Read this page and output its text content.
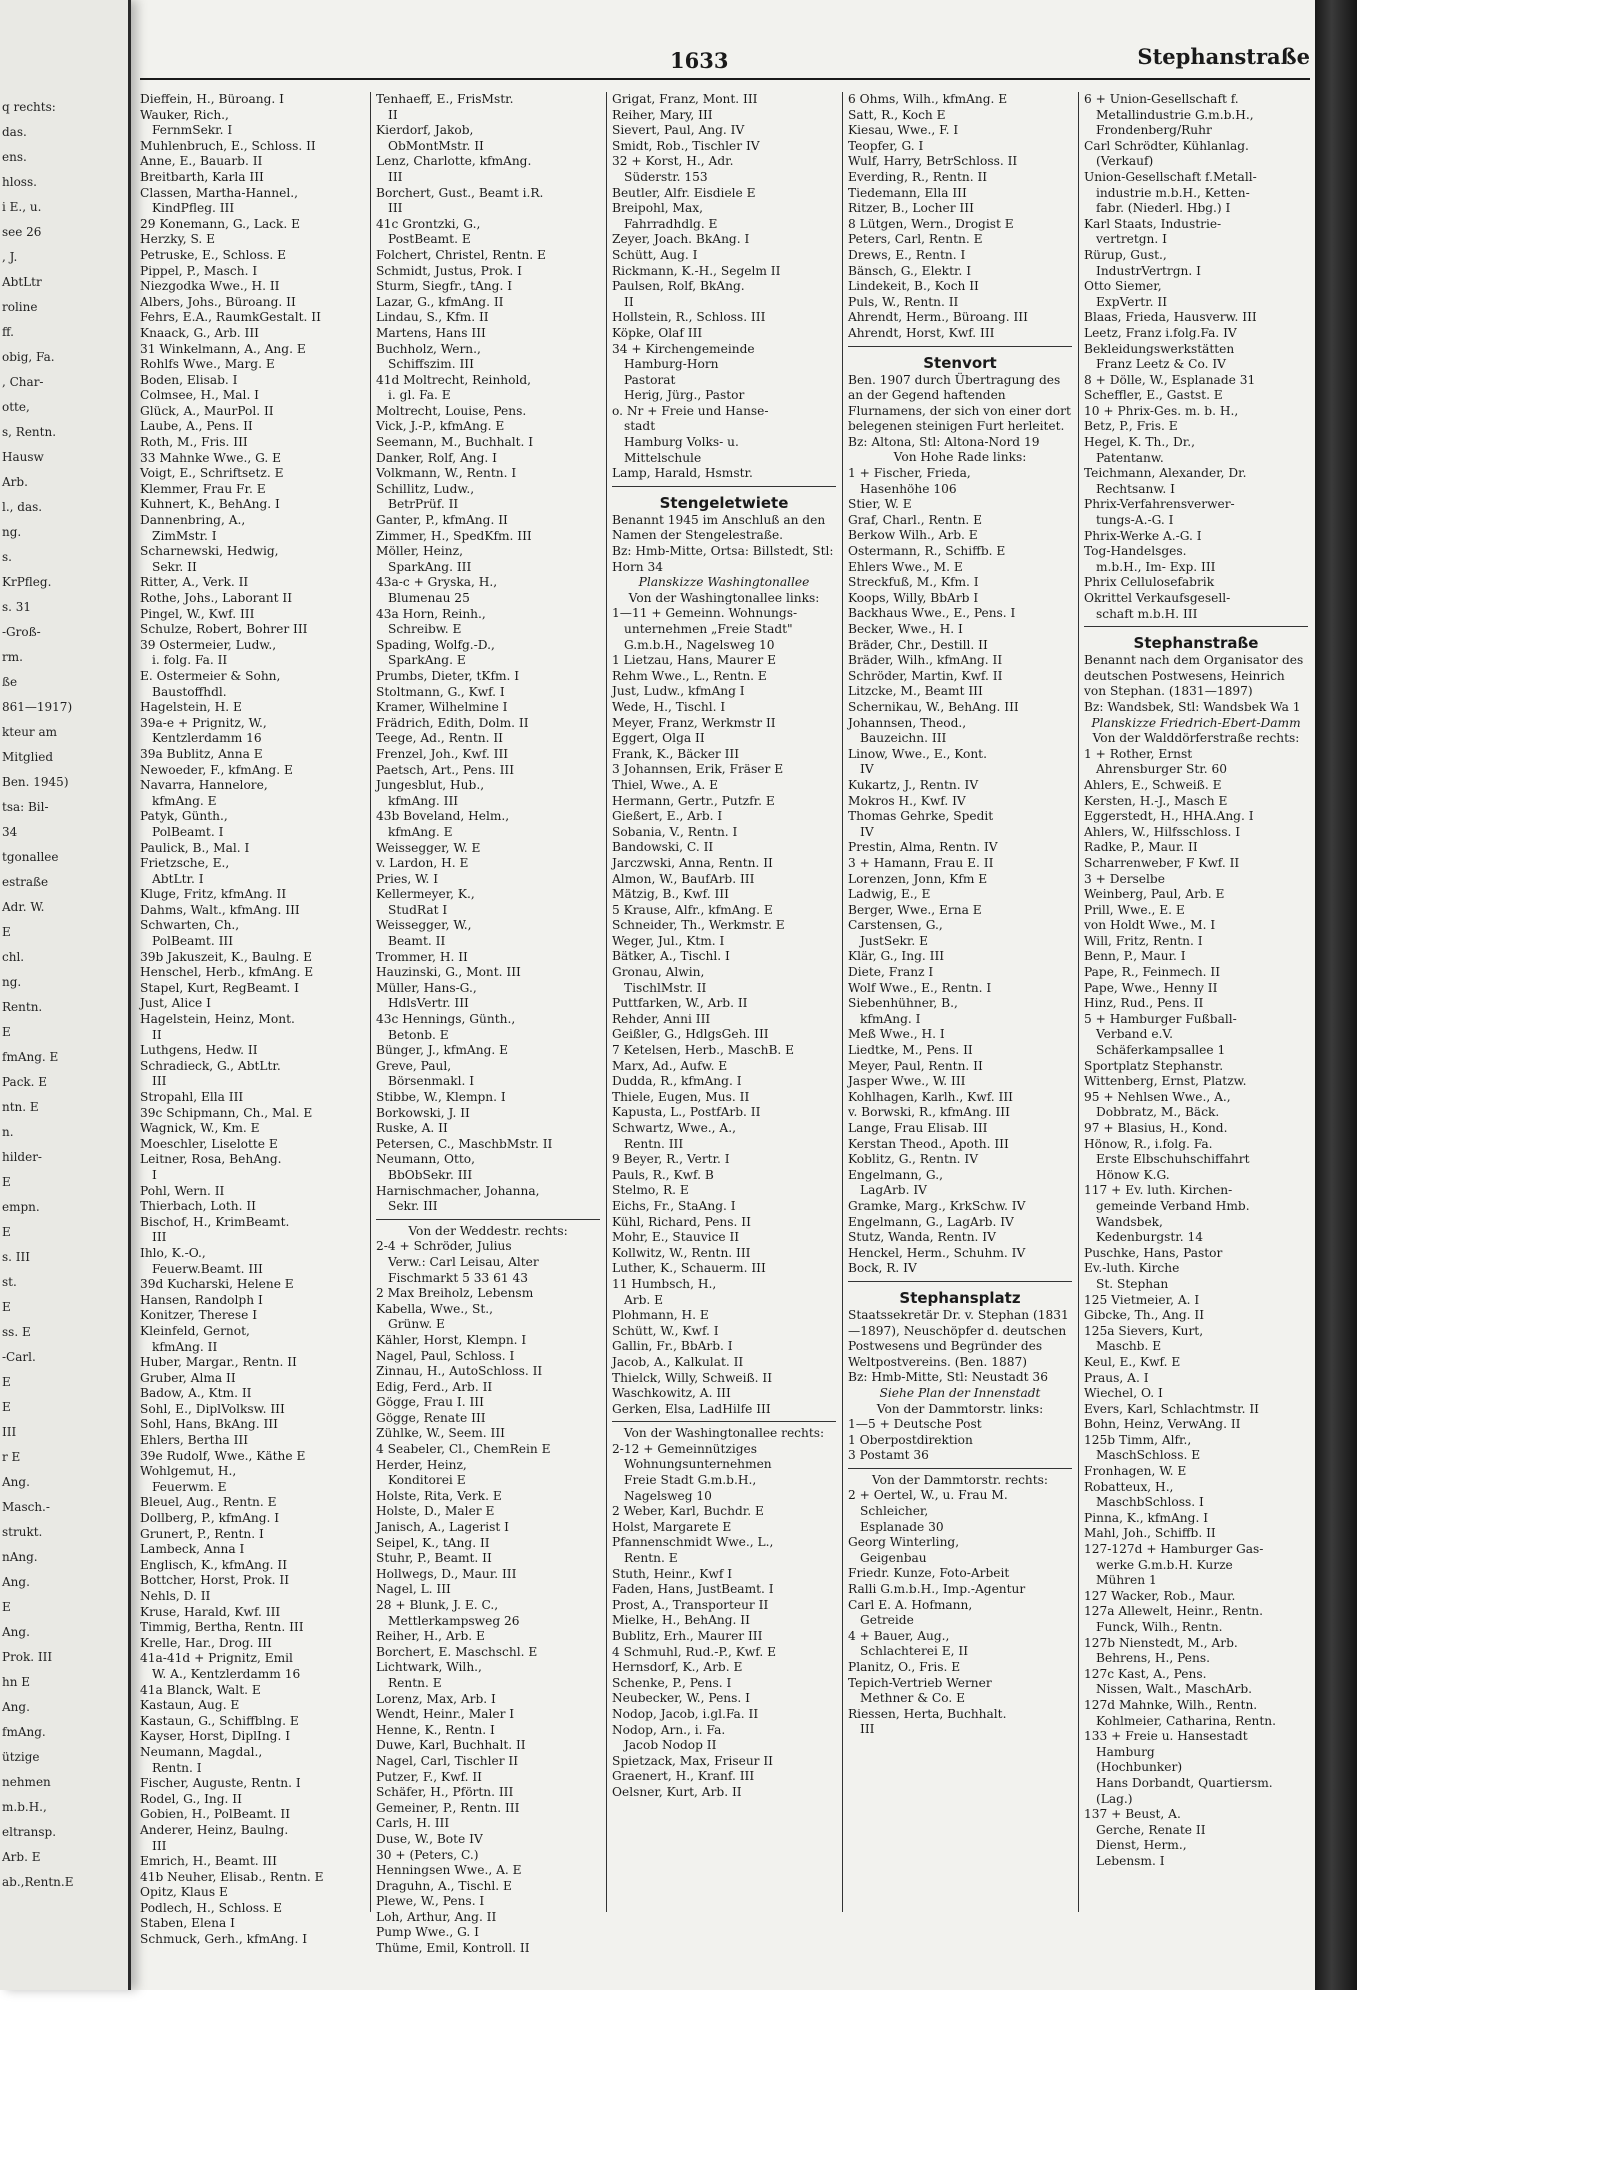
q rechts:
das.
ens.
hloss.
i E., u.
see 26
, J.
AbtLtr
roline
ff.
obig, Fa.
, Char-
otte,
s, Rentn.
Hausw
Arb.
l., das.
ng.
s.
KrPfleg.
s. 31
-Groß-
rm.
ße
861—1917)
kteur am
Mitglied
Ben. 1945)
tsa: Bil-
34
tgonallee
estraße
Adr. W.
E
chl.
ng.
Rentn.
E
fmAng. E
Pack. E
ntn. E
n.
hilder-
E
empn.
E
s. III
st.
E
ss. E
-Carl.
E
E
III
r E
Ang.
Masch.-
strukt.
nAng.
Ang.
E
Ang.
Prok. III
hn E
Ang.
fmAng.
ützige
nehmen
m.b.H.,
eltransp.
Arb. E
ab.,Rentn.E
1633	Stephanstraße
Dieffein, H., Büroang. I
Wauker, Rich.,
FernmSekr. I
Muhlenbruch, E., Schloss. II
Anne, E., Bauarb. II
Breitbarth, Karla III
Classen, Martha-Hannel.,
KindPfleg. III
29 Konemann, G., Lack. E
Herzky, S. E
Petruske, E., Schloss. E
Pippel, P., Masch. I
Niezgodka Wwe., H. II
Albers, Johs., Büroang. II
Fehrs, E.A., RaumkGestalt. II
Knaack, G., Arb. III
31 Winkelmann, A., Ang. E
Rohlfs Wwe., Marg. E
Boden, Elisab. I
Colmsee, H., Mal. I
Glück, A., MaurPol. II
Laube, A., Pens. II
Roth, M., Fris. III
33 Mahnke Wwe., G. E
Voigt, E., Schriftsetz. E
Klemmer, Frau Fr. E
Kuhnert, K., BehAng. I
Dannenbring, A.,
ZimMstr. I
Scharnewski, Hedwig,
Sekr. II
Ritter, A., Verk. II
Rothe, Johs., Laborant II
Pingel, W., Kwf. III
Schulze, Robert, Bohrer III
39 Ostermeier, Ludw.,
i. folg. Fa. II
E. Ostermeier & Sohn,
Baustoffhdl.
Hagelstein, H. E
39a-e + Prignitz, W.,
Kentzlerdamm 16
39a Bublitz, Anna E
Newoeder, F., kfmAng. E
Navarra, Hannelore,
kfmAng. E
Patyk, Günth.,
PolBeamt. I
Paulick, B., Mal. I
Frietzsche, E.,
AbtLtr. I
Kluge, Fritz, kfmAng. II
Dahms, Walt., kfmAng. III
Schwarten, Ch.,
PolBeamt. III
39b Jakuszeit, K., Baulng. E
Henschel, Herb., kfmAng. E
Stapel, Kurt, RegBeamt. I
Just, Alice I
Hagelstein, Heinz, Mont.
II
Luthgens, Hedw. II
Schradieck, G., AbtLtr.
III
Stropahl, Ella III
39c Schipmann, Ch., Mal. E
Wagnick, W., Km. E
Moeschler, Liselotte E
Leitner, Rosa, BehAng.
I
Pohl, Wern. II
Thierbach, Loth. II
Bischof, H., KrimBeamt.
III
Ihlo, K.-O.,
Feuerw.Beamt. III
39d Kucharski, Helene E
Hansen, Randolph I
Konitzer, Therese I
Kleinfeld, Gernot,
kfmAng. II
Huber, Margar., Rentn. II
Gruber, Alma II
Badow, A., Ktm. II
Sohl, E., DiplVolksw. III
Sohl, Hans, BkAng. III
Ehlers, Bertha III
39e Rudolf, Wwe., Käthe E
Wohlgemut, H.,
Feuerwm. E
Bleuel, Aug., Rentn. E
Dollberg, P., kfmAng. I
Grunert, P., Rentn. I
Lambeck, Anna I
Englisch, K., kfmAng. II
Bottcher, Horst, Prok. II
Nehls, D. II
Kruse, Harald, Kwf. III
Timmig, Bertha, Rentn. III
Krelle, Har., Drog. III
41a-41d + Prignitz, Emil
W. A., Kentzlerdamm 16
41a Blanck, Walt. E
Kastaun, Aug. E
Kastaun, G., Schiffblng. E
Kayser, Horst, DiplIng. I
Neumann, Magdal.,
Rentn. I
Fischer, Auguste, Rentn. I
Rodel, G., Ing. II
Gobien, H., PolBeamt. II
Anderer, Heinz, Baulng.
III
Emrich, H., Beamt. III
41b Neuher, Elisab., Rentn. E
Opitz, Klaus E
Podlech, H., Schloss. E
Staben, Elena I
Schmuck, Gerh., kfmAng. I
Tenhaeff, E., FrisMstr.
II
Kierdorf, Jakob,
ObMontMstr. II
Lenz, Charlotte, kfmAng.
III
Borchert, Gust., Beamt i.R.
III
41c Grontzki, G.,
PostBeamt. E
Folchert, Christel, Rentn. E
Schmidt, Justus, Prok. I
Sturm, Siegfr., tAng. I
Lazar, G., kfmAng. II
Lindau, S., Kfm. II
Martens, Hans III
Buchholz, Wern.,
Schiffszim. III
41d Moltrecht, Reinhold,
i. gl. Fa. E
Moltrecht, Louise, Pens.
Vick, J.-P., kfmAng. E
Seemann, M., Buchhalt. I
Danker, Rolf, Ang. I
Volkmann, W., Rentn. I
Schillitz, Ludw.,
BetrPrüf. II
Ganter, P., kfmAng. II
Zimmer, H., SpedKfm. III
Möller, Heinz,
SparkAng. III
43a-c + Gryska, H.,
Blumenau 25
43a Horn, Reinh.,
Schreibw. E
Spading, Wolfg.-D.,
SparkAng. E
Prumbs, Dieter, tKfm. I
Stoltmann, G., Kwf. I
Kramer, Wilhelmine I
Frädrich, Edith, Dolm. II
Teege, Ad., Rentn. II
Frenzel, Joh., Kwf. III
Paetsch, Art., Pens. III
Jungesblut, Hub.,
kfmAng. III
43b Boveland, Helm.,
kfmAng. E
Weissegger, W. E
v. Lardon, H. E
Pries, W. I
Kellermeyer, K.,
StudRat I
Weissegger, W.,
Beamt. II
Trommer, H. II
Hauzinski, G., Mont. III
Müller, Hans-G.,
HdlsVertr. III
43c Hennings, Günth.,
Betonb. E
Bünger, J., kfmAng. E
Greve, Paul,
Börsenmakl. I
Stibbe, W., Klempn. I
Borkowski, J. II
Ruske, A. II
Petersen, C., MaschbMstr. II
Neumann, Otto,
BbObSekr. III
Harnischmacher, Johanna,
Sekr. III
Von der Weddestr. rechts:
2-4 + Schröder, Julius
Verw.: Carl Leisau, Alter
Fischmarkt 5 33 61 43
2 Max Breiholz, Lebensm
Kabella, Wwe., St.,
Grünw. E
Kähler, Horst, Klempn. I
Nagel, Paul, Schloss. I
Zinnau, H., AutoSchloss. II
Edig, Ferd., Arb. II
Gögge, Frau I. III
Gögge, Renate III
Zühlke, W., Seem. III
4 Seabeler, Cl., ChemRein E
Herder, Heinz,
Konditorei E
Holste, Rita, Verk. E
Holste, D., Maler E
Janisch, A., Lagerist I
Seipel, K., tAng. II
Stuhr, P., Beamt. II
Hollwegs, D., Maur. III
Nagel, L. III
28 + Blunk, J. E. C.,
Mettlerkampsweg 26
Reiher, H., Arb. E
Borchert, E. Maschschl. E
Lichtwark, Wilh.,
Rentn. E
Lorenz, Max, Arb. I
Wendt, Heinr., Maler I
Henne, K., Rentn. I
Duwe, Karl, Buchhalt. II
Nagel, Carl, Tischler II
Putzer, F., Kwf. II
Schäfer, H., Pförtn. III
Gemeiner, P., Rentn. III
Carls, H. III
Duse, W., Bote IV
30 + (Peters, C.)
Henningsen Wwe., A. E
Draguhn, A., Tischl. E
Plewe, W., Pens. I
Loh, Arthur, Ang. II
Pump Wwe., G. I
Thüme, Emil, Kontroll. II
Grigat, Franz, Mont. III
Reiher, Mary, III
Sievert, Paul, Ang. IV
Smidt, Rob., Tischler IV
32 + Korst, H., Adr.
Süderstr. 153
Beutler, Alfr. Eisdiele E
Breipohl, Max,
Fahrradhdlg. E
Zeyer, Joach. BkAng. I
Schütt, Aug. I
Rickmann, K.-H., Segelm II
Paulsen, Rolf, BkAng.
II
Hollstein, R., Schloss. III
Köpke, Olaf III
34 + Kirchengemeinde
Hamburg-Horn
Pastorat
Herig, Jürg., Pastor
o. Nr + Freie und Hanse-
stadt
Hamburg Volks- u.
Mittelschule
Lamp, Harald, Hsmstr.
Stengeletwiete
Benannt 1945 im Anschluß an den Namen der Stengelestraße.
Bz: Hmb-Mitte, Ortsa: Billstedt, Stl: Horn 34
Planskizze Washingtonallee
Von der Washingtonallee links:
1—11 + Gemeinn. Wohnungs-
unternehmen „Freie Stadt"
G.m.b.H., Nagelsweg 10
1 Lietzau, Hans, Maurer E
Rehm Wwe., L., Rentn. E
Just, Ludw., kfmAng I
Wede, H., Tischl. I
Meyer, Franz, Werkmstr II
Eggert, Olga II
Frank, K., Bäcker III
3 Johannsen, Erik, Fräser E
Thiel, Wwe., A. E
Hermann, Gertr., Putzfr. E
Gießert, E., Arb. I
Sobania, V., Rentn. I
Bandowski, C. II
Jarczwski, Anna, Rentn. II
Almon, W., BaufArb. III
Mätzig, B., Kwf. III
5 Krause, Alfr., kfmAng. E
Schneider, Th., Werkmstr. E
Weger, Jul., Ktm. I
Bätker, A., Tischl. I
Gronau, Alwin,
TischlMstr. II
Puttfarken, W., Arb. II
Rehder, Anni III
Geißler, G., HdlgsGeh. III
7 Ketelsen, Herb., MaschB. E
Marx, Ad., Aufw. E
Dudda, R., kfmAng. I
Thiele, Eugen, Mus. II
Kapusta, L., PostfArb. II
Schwartz, Wwe., A.,
Rentn. III
9 Beyer, R., Vertr. I
Pauls, R., Kwf. B
Stelmo, R. E
Eichs, Fr., StaAng. I
Kühl, Richard, Pens. II
Mohr, E., Stauvice II
Kollwitz, W., Rentn. III
Luther, K., Schauerm. III
11 Humbsch, H.,
Arb. E
Plohmann, H. E
Schütt, W., Kwf. I
Gallin, Fr., BbArb. I
Jacob, A., Kalkulat. II
Thielck, Willy, Schweiß. II
Waschkowitz, A. III
Gerken, Elsa, LadHilfe III
Von der Washingtonallee rechts:
2-12 + Gemeinnütziges
Wohnungsunternehmen
Freie Stadt G.m.b.H.,
Nagelsweg 10
2 Weber, Karl, Buchdr. E
Holst, Margarete E
Pfannenschmidt Wwe., L.,
Rentn. E
Stuth, Heinr., Kwf I
Faden, Hans, JustBeamt. I
Prost, A., Transporteur II
Mielke, H., BehAng. II
Bublitz, Erh., Maurer III
4 Schmuhl, Rud.-P., Kwf. E
Hernsdorf, K., Arb. E
Schenke, P., Pens. I
Neubecker, W., Pens. I
Nodop, Jacob, i.gl.Fa. II
Nodop, Arn., i. Fa.
Jacob Nodop II
Spietzack, Max, Friseur II
Graenert, H., Kranf. III
Oelsner, Kurt, Arb. II
6 Ohms, Wilh., kfmAng. E
Satt, R., Koch E
Kiesau, Wwe., F. I
Teopfer, G. I
Wulf, Harry, BetrSchloss. II
Everding, R., Rentn. II
Tiedemann, Ella III
Ritzer, B., Locher III
8 Lütgen, Wern., Drogist E
Peters, Carl, Rentn. E
Drews, E., Rentn. I
Bänsch, G., Elektr. I
Lindekeit, B., Koch II
Puls, W., Rentn. II
Ahrendt, Herm., Büroang. III
Ahrendt, Horst, Kwf. III
Stenvort
Ben. 1907 durch Übertragung des an der Gegend haftenden Flurnamens, der sich von einer dort belegenen steinigen Furt herleitet.
Bz: Altona, Stl: Altona-Nord 19
Von Hohe Rade links:
1 + Fischer, Frieda,
Hasenhöhe 106
Stier, W. E
Graf, Charl., Rentn. E
Berkow Wilh., Arb. E
Ostermann, R., Schiffb. E
Ehlers Wwe., M. E
Streckfuß, M., Kfm. I
Koops, Willy, BbArb I
Backhaus Wwe., E., Pens. I
Becker, Wwe., H. I
Bräder, Chr., Destill. II
Bräder, Wilh., kfmAng. II
Schröder, Martin, Kwf. II
Litzcke, M., Beamt III
Schernikau, W., BehAng. III
Johannsen, Theod.,
Bauzeichn. III
Linow, Wwe., E., Kont.
IV
Kukartz, J., Rentn. IV
Mokros H., Kwf. IV
Thomas Gehrke, Spedit
IV
Prestin, Alma, Rentn. IV
3 + Hamann, Frau E. II
Lorenzen, Jonn, Kfm E
Ladwig, E., E
Berger, Wwe., Erna E
Carstensen, G.,
JustSekr. E
Klär, G., Ing. III
Diete, Franz I
Wolf Wwe., E., Rentn. I
Siebenhühner, B.,
kfmAng. I
Meß Wwe., H. I
Liedtke, M., Pens. II
Meyer, Paul, Rentn. II
Jasper Wwe., W. III
Kohlhagen, Karlh., Kwf. III
v. Borwski, R., kfmAng. III
Lange, Frau Elisab. III
Kerstan Theod., Apoth. III
Koblitz, G., Rentn. IV
Engelmann, G.,
LagArb. IV
Gramke, Marg., KrkSchw. IV
Engelmann, G., LagArb. IV
Stutz, Wanda, Rentn. IV
Henckel, Herm., Schuhm. IV
Bock, R. IV
Stephansplatz
Staatssekretär Dr. v. Stephan (1831—1897), Neuschöpfer d. deutschen Postwesens und Begründer des Weltpostvereins. (Ben. 1887)
Bz: Hmb-Mitte, Stl: Neustadt 36
Siehe Plan der Innenstadt
Von der Dammtorstr. links:
1—5 + Deutsche Post
1 Oberpostdirektion
3 Postamt 36
Von der Dammtorstr. rechts:
2 + Oertel, W., u. Frau M.
Schleicher,
Esplanade 30
Georg Winterling,
Geigenbau
Friedr. Kunze, Foto-Arbeit
Ralli G.m.b.H., Imp.-Agentur
Carl E. A. Hofmann,
Getreide
4 + Bauer, Aug.,
Schlachterei E, II
Planitz, O., Fris. E
Tepich-Vertrieb Werner
Methner & Co. E
Riessen, Herta, Buchhalt.
III
6 + Union-Gesellschaft f.
Metallindustrie G.m.b.H.,
Frondenberg/Ruhr
Carl Schrödter, Kühlanlag.
(Verkauf)
Union-Gesellschaft f.Metall-
industrie m.b.H., Ketten-
fabr. (Niederl. Hbg.) I
Karl Staats, Industrie-
vertretgn. I
Rürup, Gust.,
IndustrVertrgn. I
Otto Siemer,
ExpVertr. II
Blaas, Frieda, Hausverw. III
Leetz, Franz i.folg.Fa. IV
Bekleidungswerkstätten
Franz Leetz & Co. IV
8 + Dölle, W., Esplanade 31
Scheffler, E., Gastst. E
10 + Phrix-Ges. m. b. H.,
Betz, P., Fris. E
Hegel, K. Th., Dr.,
Patentanw.
Teichmann, Alexander, Dr.
Rechtsanw. I
Phrix-Verfahrensverwer-
tungs-A.-G. I
Phrix-Werke A.-G. I
Tog-Handelsges.
m.b.H., Im- Exp. III
Phrix Cellulosefabrik
Okrittel Verkaufsgesell-
schaft m.b.H. III
Stephanstraße
Benannt nach dem Organisator des deutschen Postwesens, Heinrich von Stephan. (1831—1897)
Bz: Wandsbek, Stl: Wandsbek Wa 1
Planskizze Friedrich-Ebert-Damm
Von der Walddörferstraße rechts:
1 + Rother, Ernst
Ahrensburger Str. 60
Ahlers, E., Schweiß. E
Kersten, H.-J., Masch E
Eggerstedt, H., HHA.Ang. I
Ahlers, W., Hilfsschloss. I
Radke, P., Maur. II
Scharrenweber, F Kwf. II
3 + Derselbe
Weinberg, Paul, Arb. E
Prill, Wwe., E. E
von Holdt Wwe., M. I
Will, Fritz, Rentn. I
Benn, P., Maur. I
Pape, R., Feinmech. II
Pape, Wwe., Henny II
Hinz, Rud., Pens. II
5 + Hamburger Fußball-
Verband e.V.
Schäferkampsallee 1
Sportplatz Stephanstr.
Wittenberg, Ernst, Platzw.
95 + Nehlsen Wwe., A.,
Dobbratz, M., Bäck.
97 + Blasius, H., Kond.
Hönow, R., i.folg. Fa.
Erste Elbschuhschiffahrt
Hönow K.G.
117 + Ev. luth. Kirchen-
gemeinde Verband Hmb.
Wandsbek,
Kedenburgstr. 14
Puschke, Hans, Pastor
Ev.-luth. Kirche
St. Stephan
125 Vietmeier, A. I
Gibcke, Th., Ang. II
125a Sievers, Kurt,
Maschb. E
Keul, E., Kwf. E
Praus, A. I
Wiechel, O. I
Evers, Karl, Schlachtmstr. II
Bohn, Heinz, VerwAng. II
125b Timm, Alfr.,
MaschSchloss. E
Fronhagen, W. E
Robatteux, H.,
MaschbSchloss. I
Pinna, K., kfmAng. I
Mahl, Joh., Schiffb. II
127-127d + Hamburger Gas-
werke G.m.b.H. Kurze
Mühren 1
127 Wacker, Rob., Maur.
127a Allewelt, Heinr., Rentn.
Funck, Wilh., Rentn.
127b Nienstedt, M., Arb.
Behrens, H., Pens.
127c Kast, A., Pens.
Nissen, Walt., MaschArb.
127d Mahnke, Wilh., Rentn.
Kohlmeier, Catharina, Rentn.
133 + Freie u. Hansestadt
Hamburg
(Hochbunker)
Hans Dorbandt, Quartiersm.
(Lag.)
137 + Beust, A.
Gerche, Renate II
Dienst, Herm.,
Lebensm. I
